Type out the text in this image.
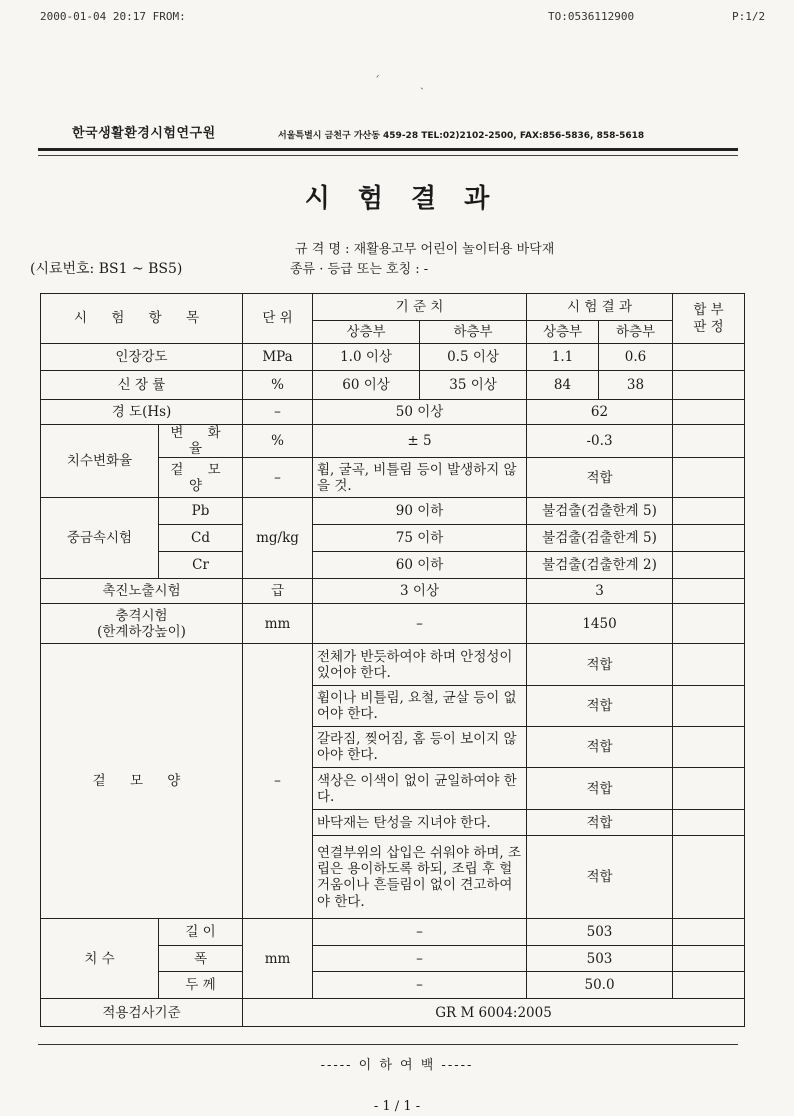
2000-01-04 20:17 FROM:	TO:0536112900	P:1/2
ˊ	ˏ
한국생활환경시험연구원	서울특별시 금천구 가산동 459-28 TEL:02)2102-2500, FAX:856-5836, 858-5618
시험결과
규 격 명 : 재활용고무 어린이 놀이터용 바닥재
종류 · 등급 또는 호칭 : -
(시료번호: BS1 ~ BS5)
시 험 항 목		단 위	기 준 치		시 험 결 과		합 부
판 정
			상층부	하층부	상층부	하층부	
인장강도		MPa	1.0 이상	0.5 이상	1.1	0.6	
신 장 률		%	60 이상	35 이상	84	38	
경 도(Hs)		–	50 이상		62		
치수변화율	변 화 율	%	± 5		-0.3		
	겉 모 양	–	휨, 굴곡, 비틀림 등이 발생하지 않을 것.		적합		
중금속시험	Pb	mg/kg	90 이하		불검출(검출한계 5)		
	Cd		75 이하		불검출(검출한계 5)		
	Cr		60 이하		불검출(검출한계 2)		
촉진노출시험		급	3 이상		3		
충격시험
(한계하강높이)		mm	–		1450		
겉 모 양		–	전체가 반듯하여야 하며 안정성이 있어야 한다.		적합		
			휨이나 비틀림, 요철, 균살 등이 없어야 한다.		적합		
			갈라짐, 찢어짐, 홈 등이 보이지 않아야 한다.		적합		
			색상은 이색이 없이 균일하여야 한다.		적합		
			바닥재는 탄성을 지녀야 한다.		적합		
			연결부위의 삽입은 쉬워야 하며, 조립은 용이하도록 하되, 조립 후 헐거움이나 흔들림이 없이 견고하여야 한다.		적합		
치 수	길 이	mm	–		503		
	폭		–		503		
	두 께		–		50.0		
적용검사기준		GR M 6004:2005					
----- 이 하 여 백 -----
- 1 / 1 -
